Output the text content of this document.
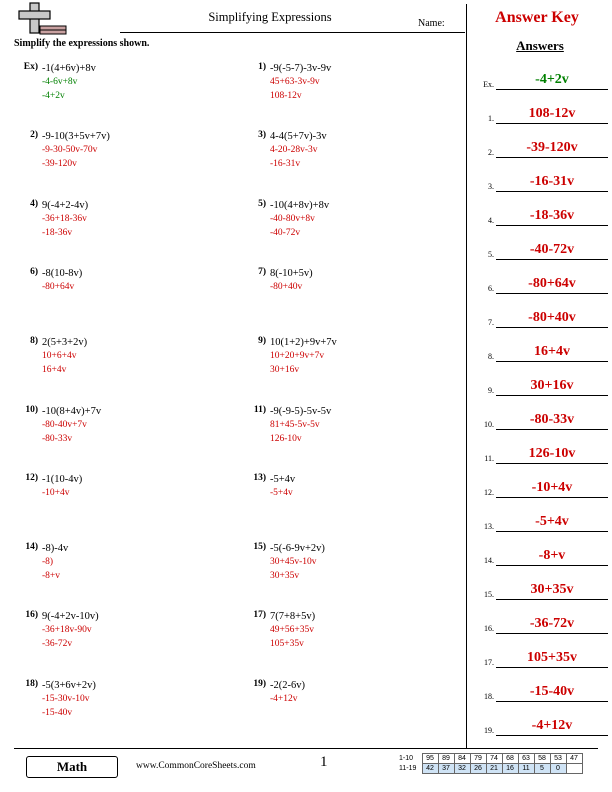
Simplifying Expressions	Name:	Answer Key
Simplify the expressions shown.
Ex) -1(4+6v)+8v
-4-6v+8v
-4+2v
1) -9(-5-7)-3v-9v
45+63-3v-9v
108-12v
2) -9-10(3+5v+7v)
-9-30-50v-70v
-39-120v
3) 4-4(5+7v)-3v
4-20-28v-3v
-16-31v
4) 9(-4+2-4v)
-36+18-36v
-18-36v
5) -10(4+8v)+8v
-40-80v+8v
-40-72v
6) -8(10-8v)
-80+64v
7) 8(-10+5v)
-80+40v
8) 2(5+3+2v)
10+6+4v
16+4v
9) 10(1+2)+9v+7v
10+20+9v+7v
30+16v
10) -10(8+4v)+7v
-80-40v+7v
-80-33v
11) -9(-9-5)-5v-5v
81+45-5v-5v
126-10v
12) -1(10-4v)
-10+4v
13) -5+4v
-5+4v
14) -8)-4v
-8)
-8+v
15) -5(-6-9v+2v)
30+45v-10v
30+35v
16) 9(-4+2v-10v)
-36+18v-90v
-36-72v
17) 7(7+8+5v)
49+56+35v
105+35v
18) -5(3+6v+2v)
-15-30v-10v
-15-40v
19) -2(2-6v)
-4+12v
Answers
Ex.	-4+2v
1.	108-12v
2.	-39-120v
3.	-16-31v
4.	-18-36v
5.	-40-72v
6.	-80+64v
7.	-80+40v
8.	16+4v
9.	30+16v
10.	-80-33v
11.	126-10v
12.	-10+4v
13.	-5+4v
14.	-8+v
15.	30+35v
16.	-36-72v
17.	105+35v
18.	-15-40v
19.	-4+12v
Math	www.CommonCoreSheets.com	1	1-10	95	89	84	79	74	68	63	58	53	47
11-19	42	37	32	26	21	16	11	5	0	
